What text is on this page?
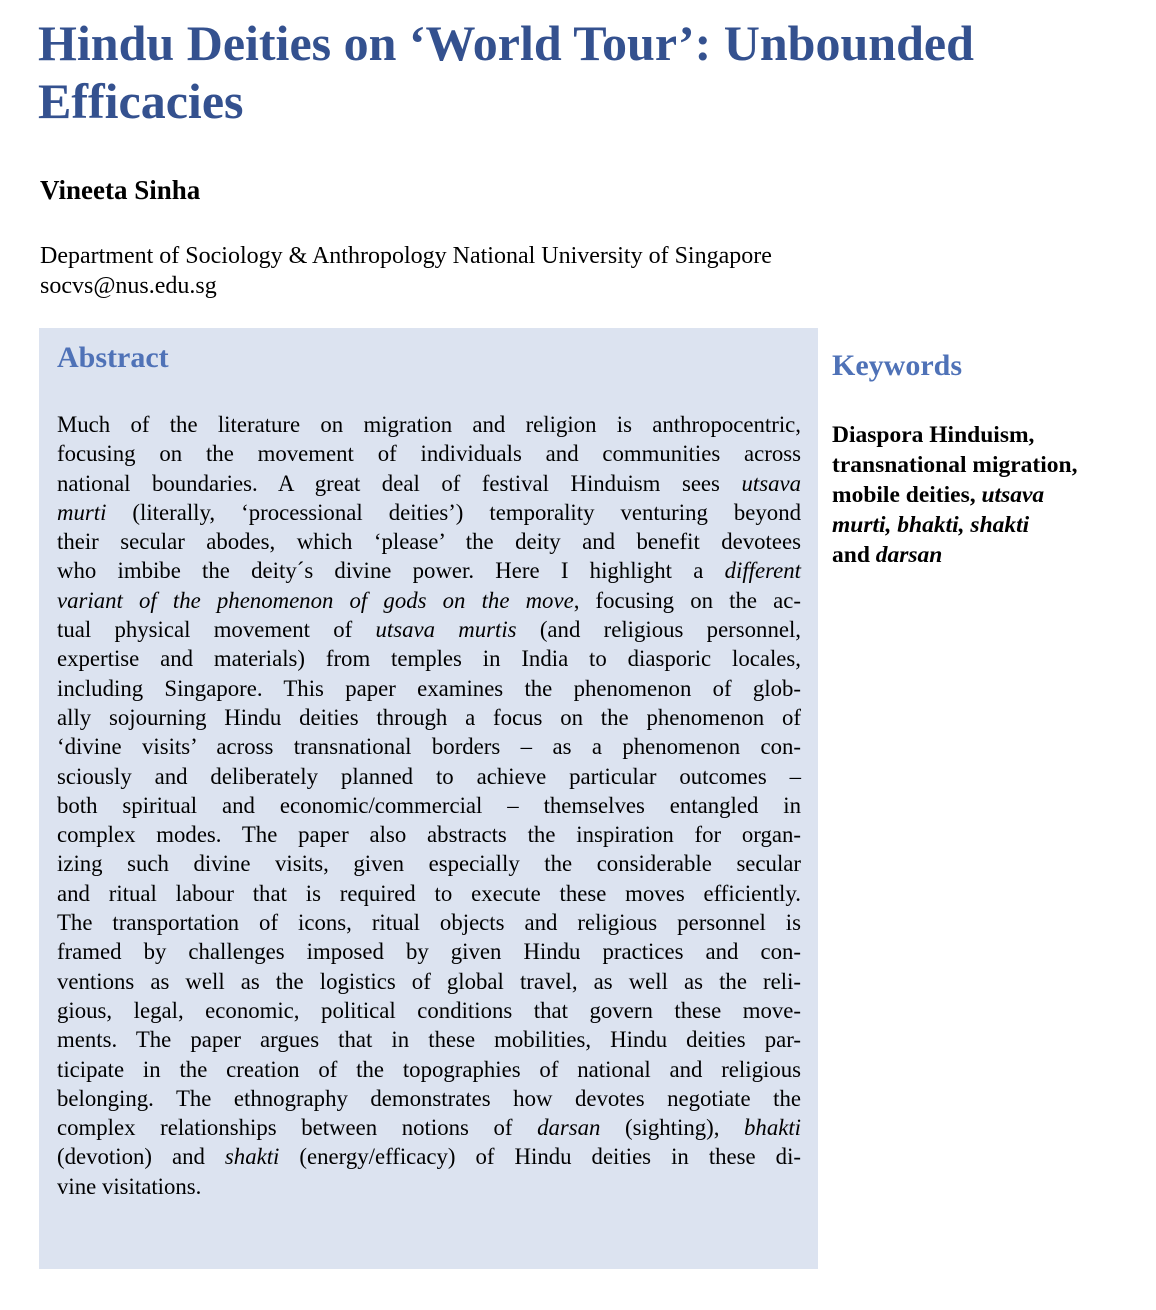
Hindu Deities on ‘World Tour’: Unbounded Efficacies
Vineeta Sinha
Department of Sociology & Anthropology National University of Singapore
socvs@nus.edu.sg
Abstract
Much of the literature on migration and religion is anthropocentric,
focusing on the movement of individuals and communities across
national boundaries. A great deal of festival Hinduism sees utsava
murti (literally, ‘processional deities’) temporality venturing beyond
their secular abodes, which ‘please’ the deity and benefit devotees
who imbibe the deity´s divine power. Here I highlight a different
variant of the phenomenon of gods on the move, focusing on the ac-
tual physical movement of utsava murtis (and religious personnel,
expertise and materials) from temples in India to diasporic locales,
including Singapore. This paper examines the phenomenon of glob-
ally sojourning Hindu deities through a focus on the phenomenon of
‘divine visits’ across transnational borders – as a phenomenon con-
sciously and deliberately planned to achieve particular outcomes –
both spiritual and economic/commercial – themselves entangled in
complex modes. The paper also abstracts the inspiration for organ-
izing such divine visits, given especially the considerable secular
and ritual labour that is required to execute these moves efficiently.
The transportation of icons, ritual objects and religious personnel is
framed by challenges imposed by given Hindu practices and con-
ventions as well as the logistics of global travel, as well as the reli-
gious, legal, economic, political conditions that govern these move-
ments. The paper argues that in these mobilities, Hindu deities par-
ticipate in the creation of the topographies of national and religious
belonging. The ethnography demonstrates how devotes negotiate the
complex relationships between notions of darsan (sighting), bhakti
(devotion) and shakti (energy/efficacy) of Hindu deities in these di-
vine visitations.
Keywords
Diaspora Hinduism,
transnational migration,
mobile deities, utsava
murti, bhakti, shakti
and darsan
